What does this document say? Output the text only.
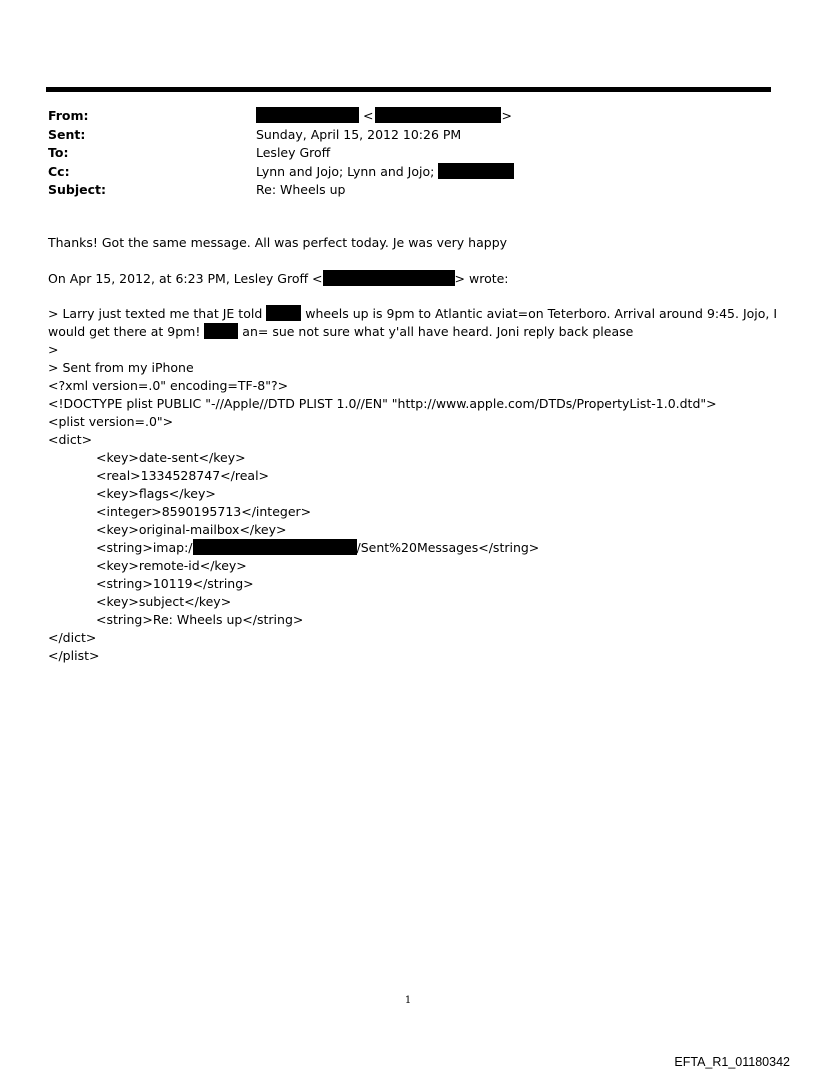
From:	<	>
Sent:	Sunday, April 15, 2012 10:26 PM
To:	Lesley Groff
Cc:	Lynn and Jojo; Lynn and Jojo;
Subject:	Re: Wheels up
Thanks! Got the same message. All was perfect today. Je was very happy
On Apr 15, 2012, at 6:23 PM, Lesley Groff <	> wrote:
> Larry just texted me that JE told	wheels up is 9pm to Atlantic aviat=on Teterboro. Arrival around 9:45. Jojo, I
would get there at 9pm!	an= sue not sure what y'all have heard. Joni reply back please
>
> Sent from my iPhone
<?xml version=.0" encoding=TF-8"?>
<!DOCTYPE plist PUBLIC "-//Apple//DTD PLIST 1.0//EN" "http://www.apple.com/DTDs/PropertyList-1.0.dtd">
<plist version=.0">
<dict>
<key>date-sent</key>
<real>1334528747</real>
<key>flags</key>
<integer>8590195713</integer>
<key>original-mailbox</key>
<string>imap:/	/Sent%20Messages</string>
<key>remote-id</key>
<string>10119</string>
<key>subject</key>
<string>Re: Wheels up</string>
</dict>
</plist>
1
EFTA_R1_01180342
